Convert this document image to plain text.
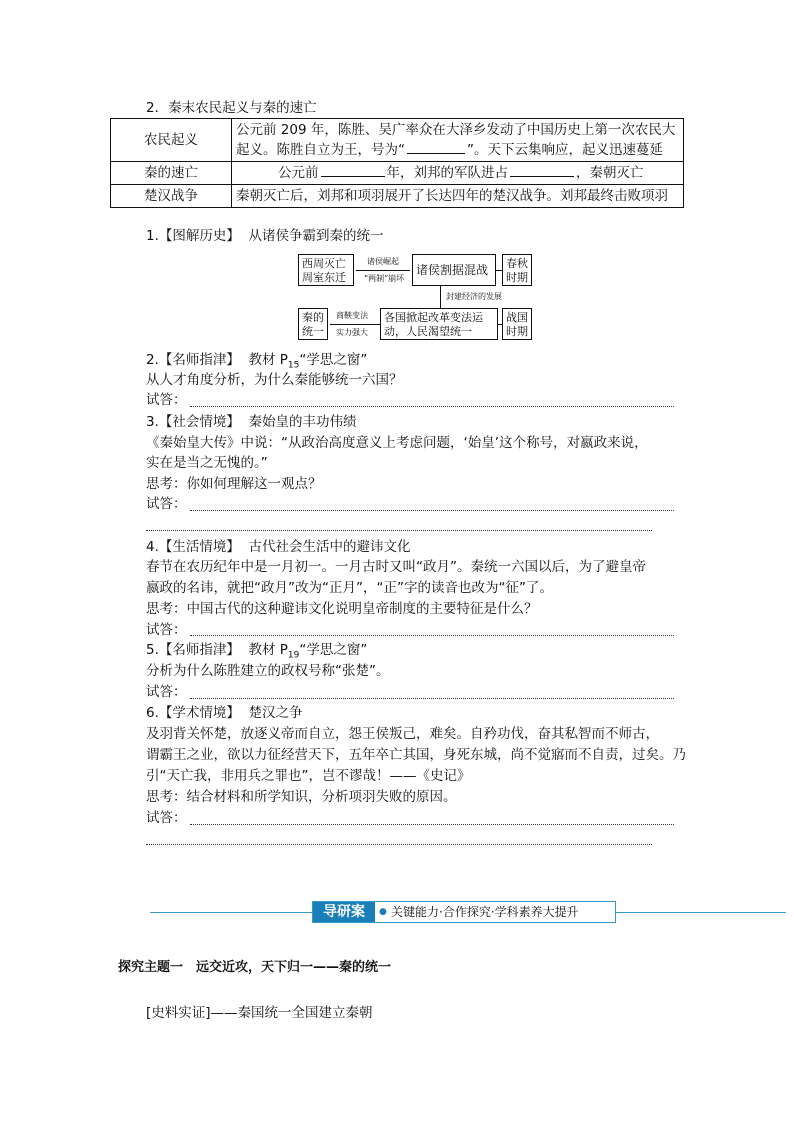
2．秦末农民起义与秦的速亡
农民起义	公元前 209 年，陈胜、吴广率众在大泽乡发动了中国历史上第一次农民大
起义。陈胜自立为王，号为“ ”。天下云集响应，起义迅速蔓延

秦的速亡	公元前 年，刘邦的军队进占 ，秦朝灭亡
楚汉战争	秦朝灭亡后，刘邦和项羽展开了长达四年的楚汉战争。刘邦最终击败项羽
1.【图解历史】 从诸侯争霸到秦的统一
西周灭亡
周室东迁
诸侯崛起
“两制”崩坏
诸侯割据混战	春秋
时期
封建经济的发展
秦的
统一
商鞅变法
实力强大
各国掀起改革变法运
动，人民渴望统一
战国
时期
2.【名师指津】 教材 $P_{15}“$学思之窗”
从人才角度分析，为什么秦能够统一六国？
试答：
3.【社会情境】 秦始皇的丰功伟绩
《秦始皇大传》中说：“从政治高度意义上考虑问题，‘始皇’这个称号，对嬴政来说，
实在是当之无愧的。”
思考：你如何理解这一观点？
试答：
4.【生活情境】 古代社会生活中的避讳文化
春节在农历纪年中是一月初一。一月古时又叫“政月”。秦统一六国以后，为了避皇帝
嬴政的名讳，就把“政月”改为“正月”，“正”字的读音也改为“征”了。
思考：中国古代的这种避讳文化说明皇帝制度的主要特征是什么？
试答：
5.【名师指津】 教材 $P_{19}“$学思之窗”
分析为什么陈胜建立的政权号称“张楚”。
试答：
6.【学术情境】 楚汉之争
及羽背关怀楚，放逐义帝而自立，怨王侯叛己，难矣。自矜功伐，奋其私智而不师古，
谓霸王之业，欲以力征经营天下，五年卒亡其国，身死东城，尚不觉寤而不自责，过矣。乃
引“天亡我，非用兵之罪也”，岂不谬哉！——《史记》
思考：结合材料和所学知识，分析项羽失败的原因。
试答：
导研案	● 关键能力·合作探究·学科素养大提升
探究主题一　远交近攻，天下归一——秦的统一
[史料实证]——秦国统一全国建立秦朝
